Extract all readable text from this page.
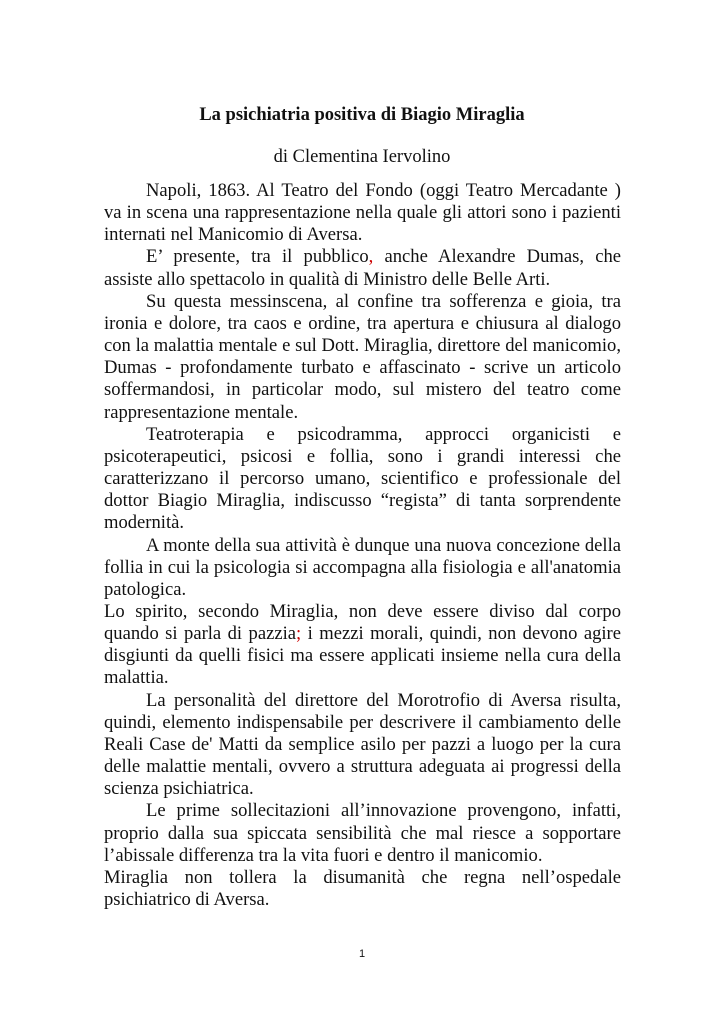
La psichiatria positiva di Biagio Miraglia
di Clementina Iervolino

Napoli, 1863. Al Teatro del Fondo (oggi Teatro Mercadante ) va in scena una rappresentazione nella quale gli attori sono i pazienti internati nel Manicomio di Aversa.

E’ presente, tra il pubblico, anche Alexandre Dumas, che assiste allo spettacolo in qualità di Ministro delle Belle Arti.

Su questa messinscena, al confine tra sofferenza e gioia, tra ironia e dolore, tra caos e ordine, tra apertura e chiusura al dialogo con la malattia mentale e sul Dott. Miraglia, direttore del manicomio, Dumas - profondamente turbato e affascinato - scrive un articolo soffermandosi, in particolar modo, sul mistero del teatro come rappresentazione mentale.

Teatroterapia e psicodramma, approcci organicisti e psicoterapeutici, psicosi e follia, sono i grandi interessi che caratterizzano il percorso umano, scientifico e professionale del dottor Biagio Miraglia, indiscusso “regista” di tanta sorprendente modernità.

A monte della sua attività è dunque una nuova concezione della follia in cui la psicologia si accompagna alla fisiologia e all'anatomia patologica.

Lo spirito, secondo Miraglia, non deve essere diviso dal corpo quando si parla di pazzia; i mezzi morali, quindi, non devono agire disgiunti da quelli fisici ma essere applicati insieme nella cura della malattia.

La personalità del direttore del Morotrofio di Aversa risulta, quindi, elemento indispensabile per descrivere il cambiamento delle Reali Case de' Matti da semplice asilo per pazzi a luogo per la cura delle malattie mentali, ovvero a struttura adeguata ai progressi della scienza psichiatrica.

Le prime sollecitazioni all’innovazione provengono, infatti, proprio dalla sua spiccata sensibilità che mal riesce a sopportare l’abissale differenza tra la vita fuori e dentro il manicomio.

Miraglia non tollera la disumanità che regna nell’ospedale psichiatrico di Aversa.

1
